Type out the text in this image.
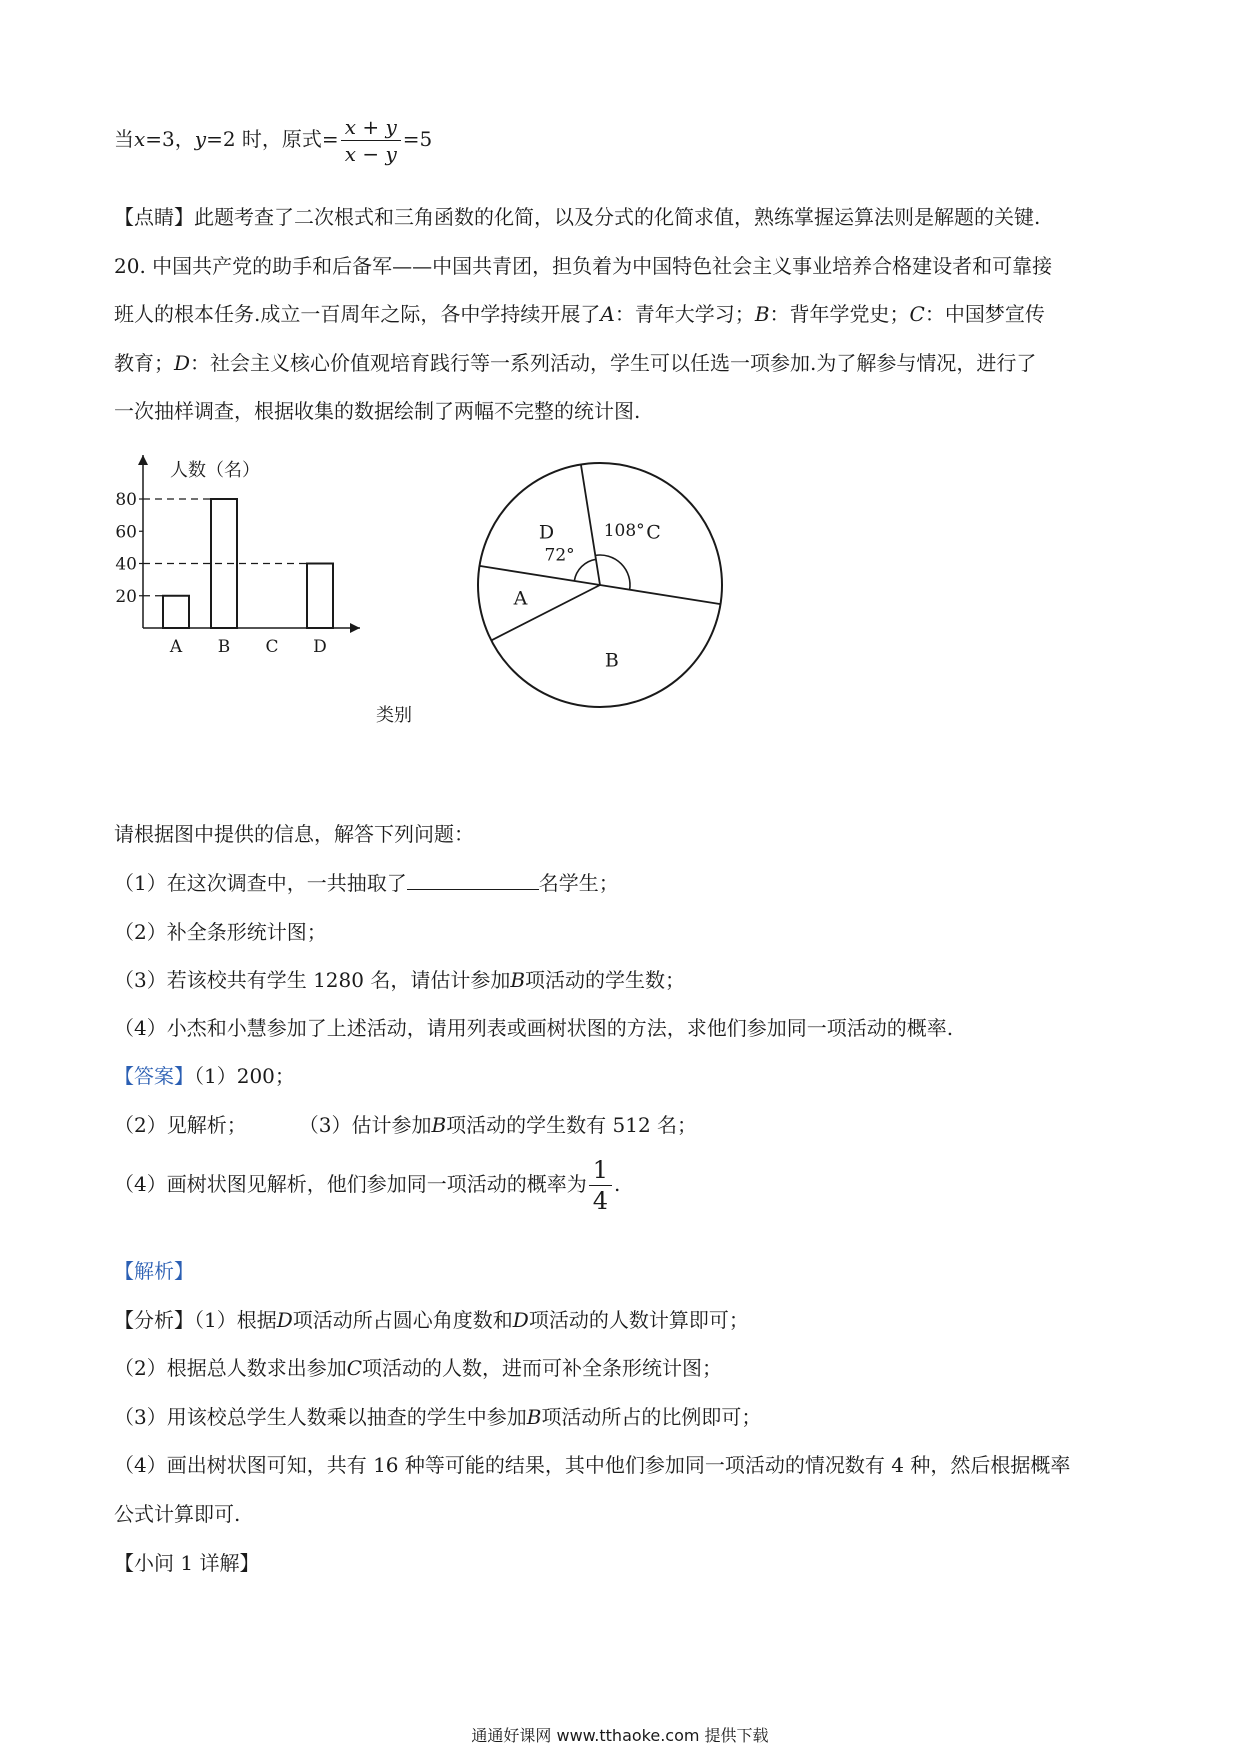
当x=3，y=2 时，原式= $\frac{x + y}{x - y} =5$
【点睛】此题考查了二次根式和三角函数的化简，以及分式的化简求值，熟练掌握运算法则是解题的关键.
20. 中国共产党的助手和后备军——中国共青团，担负着为中国特色社会主义事业培养合格建设者和可靠接
班人的根本任务.成立一百周年之际，各中学持续开展了A：青年大学习；B：背年学党史；C：中国梦宣传
教育；D：社会主义核心价值观培育践行等一系列活动，学生可以任选一项参加.为了解参与情况，进行了
一次抽样调查，根据收集的数据绘制了两幅不完整的统计图.
20
40
60
80
A B C D
人数（名）
类别
D
A
B
C
72°
108°
请根据图中提供的信息，解答下列问题：
（1）在这次调查中，一共抽取了	名学生；
（2）补全条形统计图；
（3）若该校共有学生 1280 名，请估计参加B项活动的学生数；
（4）小杰和小慧参加了上述活动，请用列表或画树状图的方法，求他们参加同一项活动的概率.
【答案】（1）200；
（2）见解析；	（3）估计参加B项活动的学生数有 512 名；
（4）画树状图见解析，他们参加同一项活动的概率为 $\frac{1}{4}$ .
【解析】
【分析】（1）根据D项活动所占圆心角度数和D项活动的人数计算即可；
（2）根据总人数求出参加C项活动的人数，进而可补全条形统计图；
（3）用该校总学生人数乘以抽查的学生中参加B项活动所占的比例即可；
（4）画出树状图可知，共有 16 种等可能的结果，其中他们参加同一项活动的情况数有 4 种，然后根据概率
公式计算即可.
【小问 1 详解】
通通好课网 www.tthaoke.com 提供下载
